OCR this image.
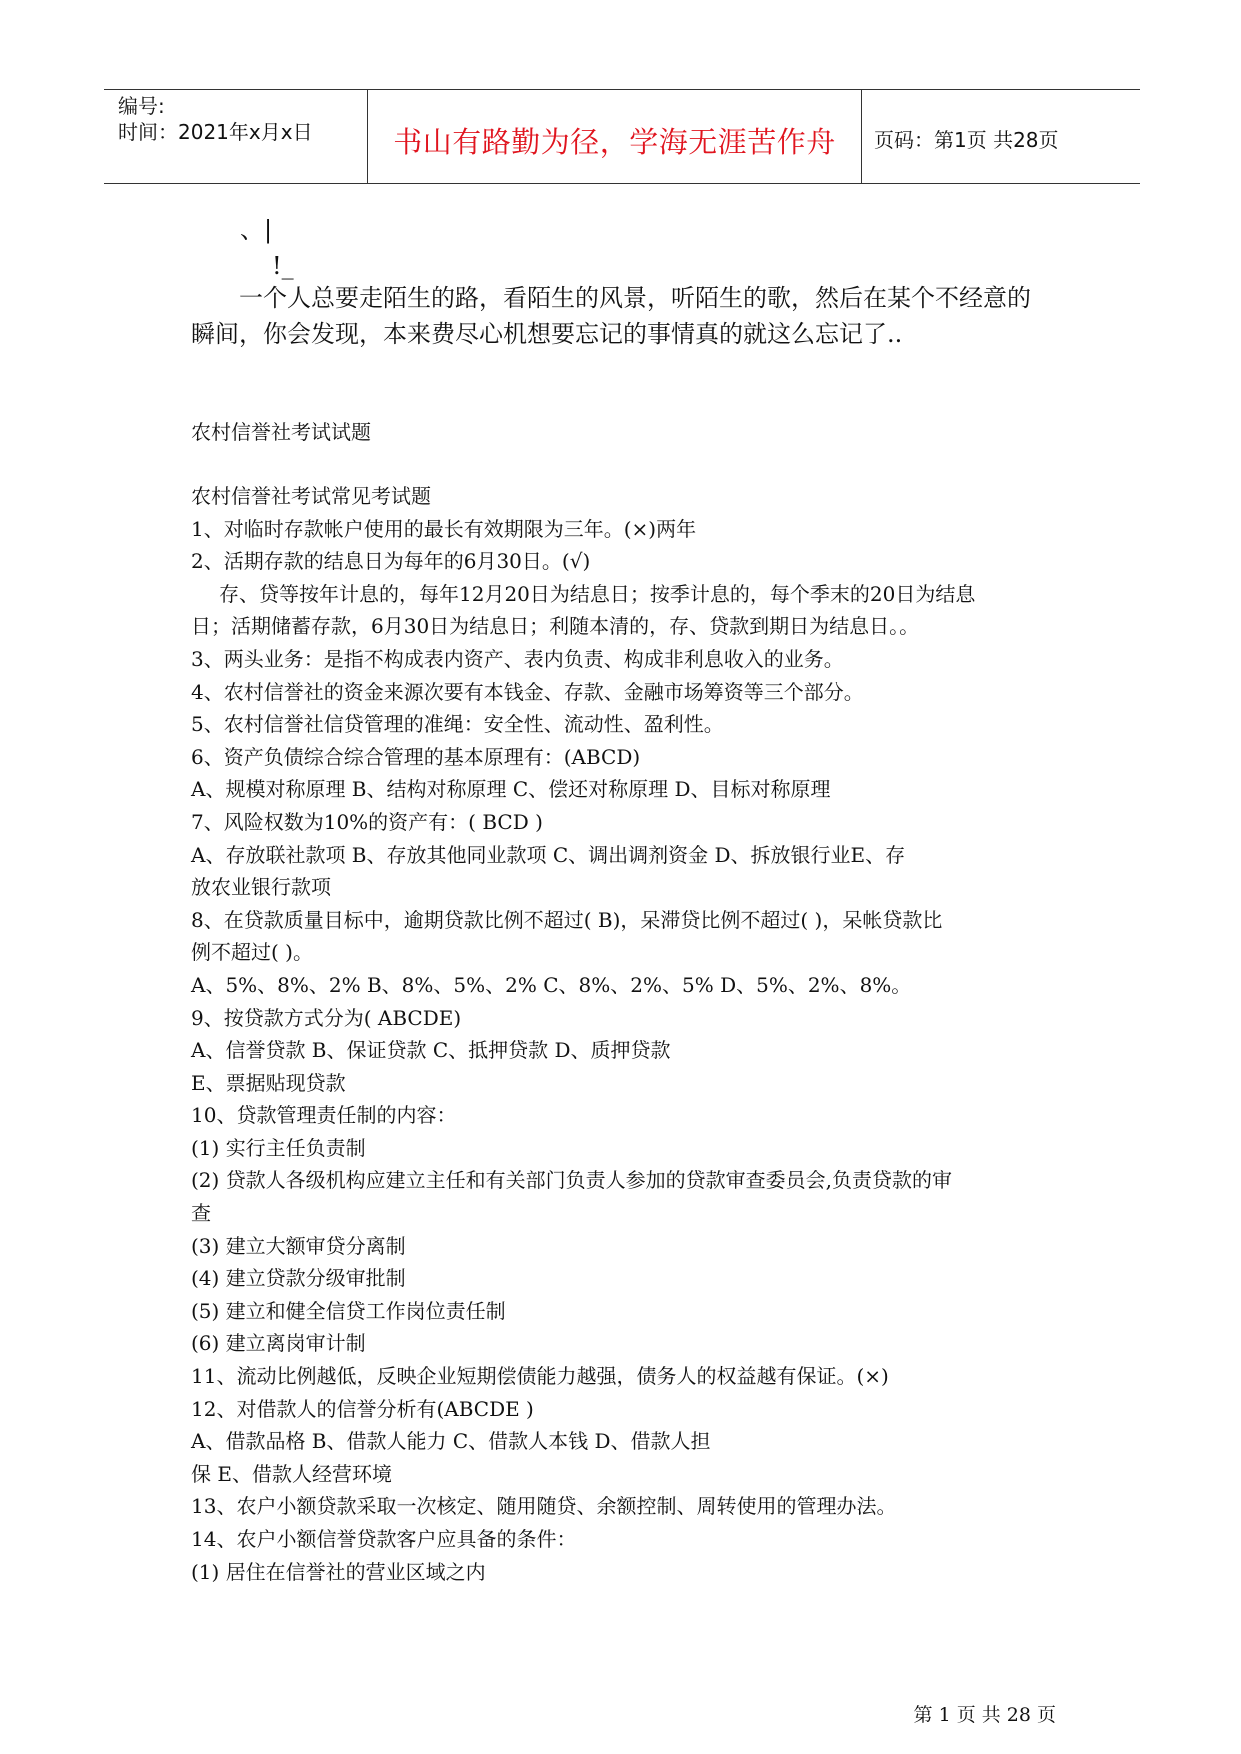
编号:
时间：2021年x月x日	书山有路勤为径，学海无涯苦作舟	页码：第1页 共28页
、|
!_
一个人总要走陌生的路，看陌生的风景，听陌生的歌，然后在某个不经意的
瞬间，你会发现，本来费尽心机想要忘记的事情真的就这么忘记了..
农村信誉社考试试题
农村信誉社考试常见考试题
1、对临时存款帐户使用的最长有效期限为三年。(×)两年
2、活期存款的结息日为每年的6月30日。(√)
存、贷等按年计息的，每年12月20日为结息日；按季计息的，每个季末的20日为结息
日；活期储蓄存款，6月30日为结息日；利随本清的，存、贷款到期日为结息日。。
3、两头业务：是指不构成表内资产、表内负责、构成非利息收入的业务。
4、农村信誉社的资金来源次要有本钱金、存款、金融市场筹资等三个部分。
5、农村信誉社信贷管理的准绳：安全性、流动性、盈利性。
6、资产负债综合综合管理的基本原理有：(ABCD)
A、规模对称原理 B、结构对称原理 C、偿还对称原理 D、目标对称原理
7、风险权数为10%的资产有：( BCD )
A、存放联社款项 B、存放其他同业款项 C、调出调剂资金 D、拆放银行业E、存
放农业银行款项
8、在贷款质量目标中，逾期贷款比例不超过( B)，呆滞贷比例不超过( )，呆帐贷款比
例不超过( )。
A、5%、8%、2% B、8%、5%、2% C、8%、2%、5% D、5%、2%、8%。
9、按贷款方式分为( ABCDE)
A、信誉贷款 B、保证贷款 C、抵押贷款 D、质押贷款
E、票据贴现贷款
10、贷款管理责任制的内容：
(1) 实行主任负责制
(2) 贷款人各级机构应建立主任和有关部门负责人参加的贷款审查委员会,负责贷款的审
查
(3) 建立大额审贷分离制
(4) 建立贷款分级审批制
(5) 建立和健全信贷工作岗位责任制
(6) 建立离岗审计制
11、流动比例越低，反映企业短期偿债能力越强，债务人的权益越有保证。(×)
12、对借款人的信誉分析有(ABCDE )
A、借款品格 B、借款人能力 C、借款人本钱 D、借款人担
保 E、借款人经营环境
13、农户小额贷款采取一次核定、随用随贷、余额控制、周转使用的管理办法。
14、农户小额信誉贷款客户应具备的条件：
(1) 居住在信誉社的营业区域之内
第 1 页 共 28 页
